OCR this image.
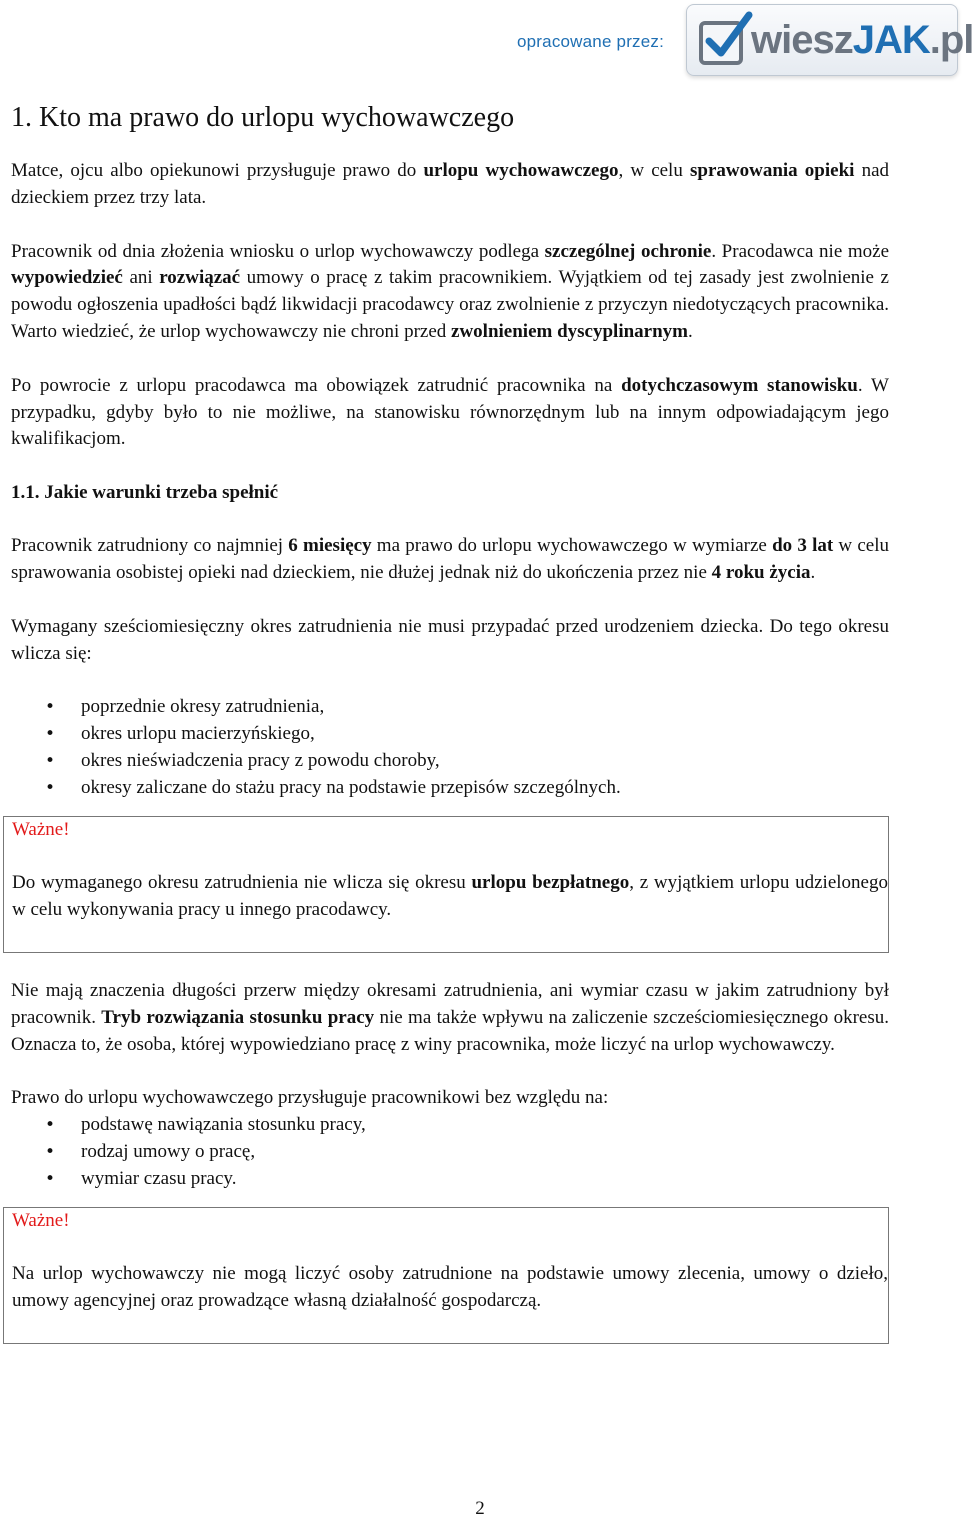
opracowane przez: wieszJAK.pl
1. Kto ma prawo do urlopu wychowawczego

Matce, ojcu albo opiekunowi przysługuje prawo do urlopu wychowawczego, w celu sprawowania opieki nad dzieckiem przez trzy lata.

Pracownik od dnia złożenia wniosku o urlop wychowawczy podlega szczególnej ochronie. Pracodawca nie może wypowiedzieć ani rozwiązać umowy o pracę z takim pracownikiem. Wyjątkiem od tej zasady jest zwolnienie z powodu ogłoszenia upadłości bądź likwidacji pracodawcy oraz zwolnienie z przyczyn niedotyczących pracownika. Warto wiedzieć, że urlop wychowawczy nie chroni przed zwolnieniem dyscyplinarnym.

Po powrocie z urlopu pracodawca ma obowiązek zatrudnić pracownika na dotychczasowym stanowisku. W przypadku, gdyby było to nie możliwe, na stanowisku równorzędnym lub na innym odpowiadającym jego kwalifikacjom.

1.1. Jakie warunki trzeba spełnić

Pracownik zatrudniony co najmniej 6 miesięcy ma prawo do urlopu wychowawczego w wymiarze do 3 lat w celu sprawowania osobistej opieki nad dzieckiem, nie dłużej jednak niż do ukończenia przez nie 4 roku życia.

Wymagany sześciomiesięczny okres zatrudnienia nie musi przypadać przed urodzeniem dziecka. Do tego okresu wlicza się:

• poprzednie okresy zatrudnienia,
• okres urlopu macierzyńskiego,
• okres nieświadczenia pracy z powodu choroby,
• okresy zaliczane do stażu pracy na podstawie przepisów szczególnych.
Ważne!

Do wymaganego okresu zatrudnienia nie wlicza się okresu urlopu bezpłatnego, z wyjątkiem urlopu udzielonego w celu wykonywania pracy u innego pracodawcy.

Nie mają znaczenia długości przerw między okresami zatrudnienia, ani wymiar czasu w jakim zatrudniony był pracownik. Tryb rozwiązania stosunku pracy nie ma także wpływu na zaliczenie szcześciomiesięcznego okresu. Oznacza to, że osoba, której wypowiedziano pracę z winy pracownika, może liczyć na urlop wychowawczy.

Prawo do urlopu wychowawczego przysługuje pracownikowi bez względu na:

• podstawę nawiązania stosunku pracy,
• rodzaj umowy o pracę,
• wymiar czasu pracy.
Ważne!

Na urlop wychowawczy nie mogą liczyć osoby zatrudnione na podstawie umowy zlecenia, umowy o dzieło, umowy agencyjnej oraz prowadzące własną działalność gospodarczą.

2
